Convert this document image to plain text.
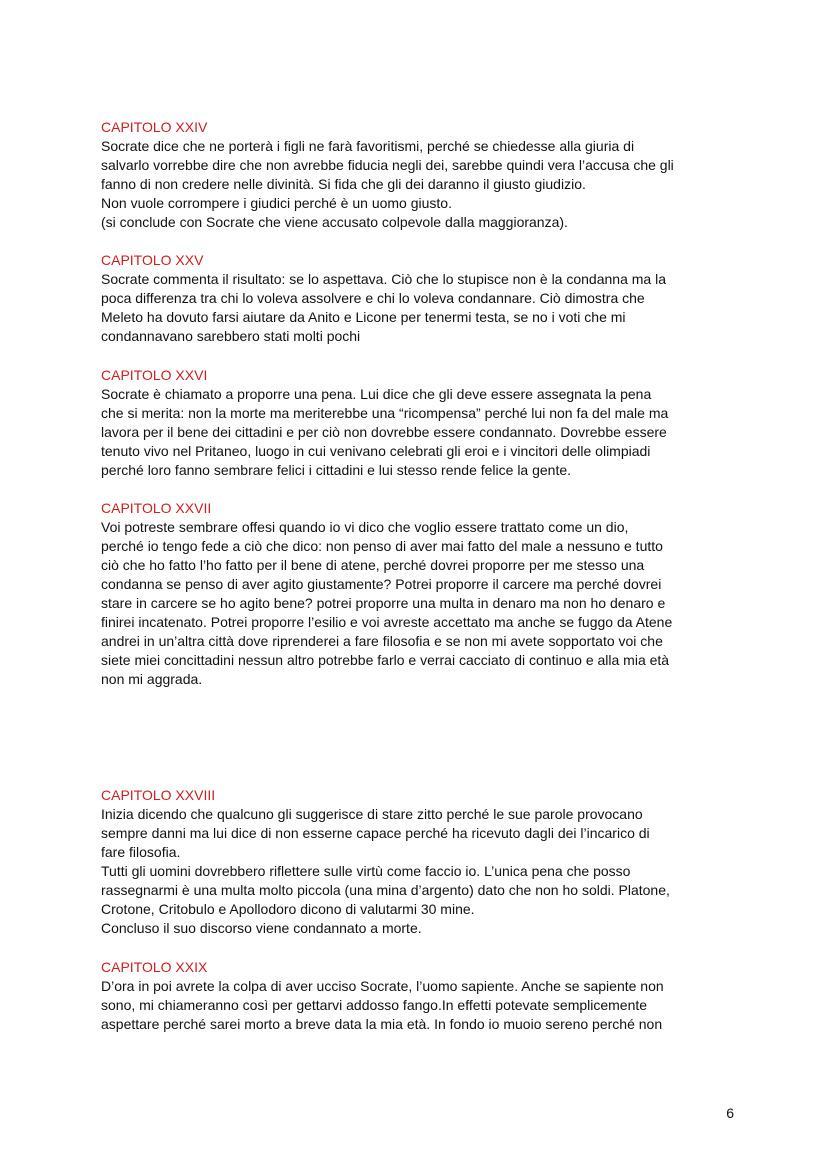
CAPITOLO XXIV

Socrate dice che ne porterà i figli ne farà favoritismi, perché se chiedesse alla giuria di

salvarlo vorrebbe dire che non avrebbe fiducia negli dei, sarebbe quindi vera l’accusa che gli

fanno di non credere nelle divinità. Si fida che gli dei daranno il giusto giudizio.

Non vuole corrompere i giudici perché è un uomo giusto.

(si conclude con Socrate che viene accusato colpevole dalla maggioranza).

CAPITOLO XXV

Socrate commenta il risultato: se lo aspettava. Ciò che lo stupisce non è la condanna ma la

poca differenza tra chi lo voleva assolvere e chi lo voleva condannare. Ciò dimostra che

Meleto ha dovuto farsi aiutare da Anito e Licone per tenermi testa, se no i voti che mi

condannavano sarebbero stati molti pochi

CAPITOLO XXVI

Socrate è chiamato a proporre una pena. Lui dice che gli deve essere assegnata la pena

che si merita: non la morte ma meriterebbe una “ricompensa” perché lui non fa del male ma

lavora per il bene dei cittadini e per ciò non dovrebbe essere condannato. Dovrebbe essere

tenuto vivo nel Pritaneo, luogo in cui venivano celebrati gli eroi e i vincitori delle olimpiadi

perché loro fanno sembrare felici i cittadini e lui stesso rende felice la gente.

CAPITOLO XXVII

Voi potreste sembrare offesi quando io vi dico che voglio essere trattato come un dio,

perché io tengo fede a ciò che dico: non penso di aver mai fatto del male a nessuno e tutto

ciò che ho fatto l’ho fatto per il bene di atene, perché dovrei proporre per me stesso una

condanna se penso di aver agito giustamente? Potrei proporre il carcere ma perché dovrei

stare in carcere se ho agito bene? potrei proporre una multa in denaro ma non ho denaro e

finirei incatenato. Potrei proporre l’esilio e voi avreste accettato ma anche se fuggo da Atene

andrei in un’altra città dove riprenderei a fare filosofia e se non mi avete sopportato voi che

siete miei concittadini nessun altro potrebbe farlo e verrai cacciato di continuo e alla mia età

non mi aggrada.

CAPITOLO XXVIII

Inizia dicendo che qualcuno gli suggerisce di stare zitto perché le sue parole provocano

sempre danni ma lui dice di non esserne capace perché ha ricevuto dagli dei l’incarico di

fare filosofia.

Tutti gli uomini dovrebbero riflettere sulle virtù come faccio io. L’unica pena che posso

rassegnarmi è una multa molto piccola (una mina d’argento) dato che non ho soldi. Platone,

Crotone, Critobulo e Apollodoro dicono di valutarmi 30 mine.

Concluso il suo discorso viene condannato a morte.

CAPITOLO XXIX

D’ora in poi avrete la colpa di aver ucciso Socrate, l’uomo sapiente. Anche se sapiente non

sono, mi chiameranno così per gettarvi addosso fango.In effetti potevate semplicemente

aspettare perché sarei morto a breve data la mia età. In fondo io muoio sereno perché non

6
